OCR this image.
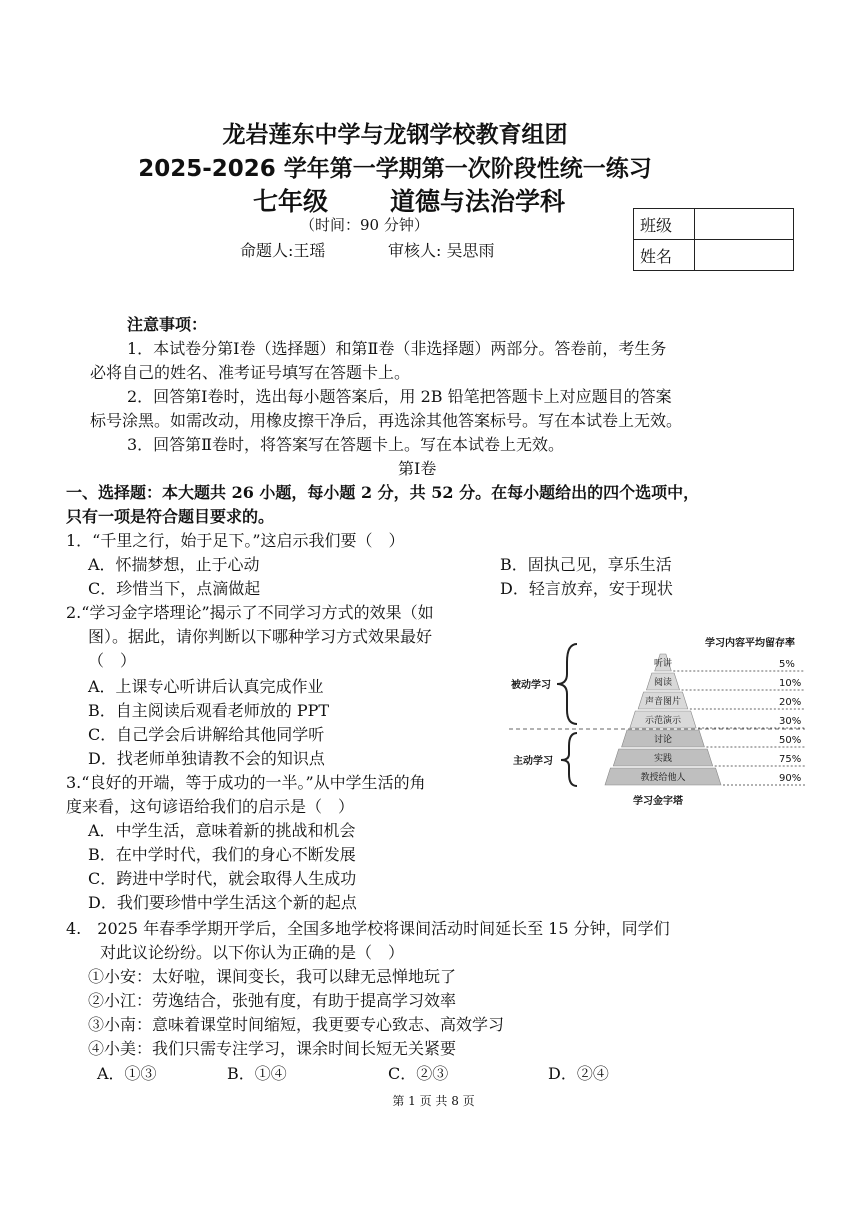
龙岩莲东中学与龙钢学校教育组团
2025-2026 学年第一学期第一次阶段性统一练习
七年级 道德与法治学科
（时间：90 分钟）
命题人:王瑶	审核人: 吴思雨
班级	
姓名	
注意事项：
1．本试卷分第Ⅰ卷（选择题）和第Ⅱ卷（非选择题）两部分。答卷前，考生务
必将自己的姓名、准考证号填写在答题卡上。
2．回答第Ⅰ卷时，选出每小题答案后，用 2B 铅笔把答题卡上对应题目的答案
标号涂黑。如需改动，用橡皮擦干净后，再选涂其他答案标号。写在本试卷上无效。
3．回答第Ⅱ卷时，将答案写在答题卡上。写在本试卷上无效。
第Ⅰ卷
一、选择题：本大题共 26 小题，每小题 2 分，共 52 分。在每小题给出的四个选项中，
只有一项是符合题目要求的。
1．“千里之行，始于足下。”这启示我们要（　）
A．怀揣梦想，止于心动	B．固执己见，享乐生活
C．珍惜当下，点滴做起	D．轻言放弃，安于现状
2.“学习金字塔理论”揭示了不同学习方式的效果（如
图）。据此，请你判断以下哪种学习方式效果最好
（　）
A．上课专心听讲后认真完成作业
B．自主阅读后观看老师放的 PPT
C．自己学会后讲解给其他同学听
D．找老师单独请教不会的知识点
学习内容平均留存率
被动学习
主动学习
听讲	5%
阅读	10%
声音图片	20%
示范演示	30%
讨论	50%
实践	75%
教授给他人	90%
学习金字塔
3.“良好的开端，等于成功的一半。”从中学生活的角
度来看，这句谚语给我们的启示是（　）
A．中学生活，意味着新的挑战和机会
B．在中学时代，我们的身心不断发展
C．跨进中学时代，就会取得人生成功
D．我们要珍惜中学生活这个新的起点
4.　2025 年春季学期开学后，全国多地学校将课间活动时间延长至 15 分钟，同学们
对此议论纷纷。以下你认为正确的是（　）
①小安：太好啦，课间变长，我可以肆无忌惮地玩了
②小江：劳逸结合，张弛有度，有助于提高学习效率
③小南：意味着课堂时间缩短，我更要专心致志、高效学习
④小美：我们只需专注学习，课余时间长短无关紧要
A．①③	B．①④	C．②③	D．②④
第 1 页 共 8 页
